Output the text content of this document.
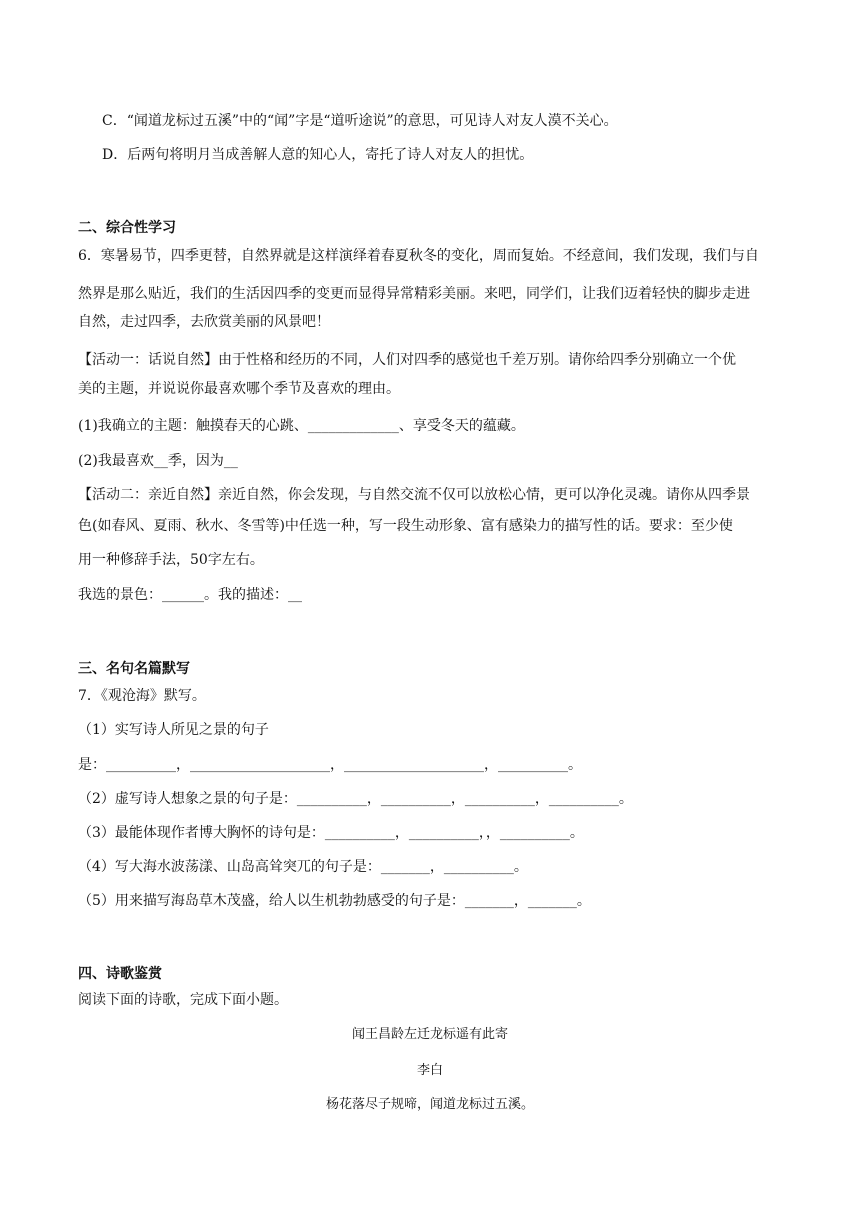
C．“闻道龙标过五溪”中的“闻”字是“道听途说”的意思，可见诗人对友人漠不关心。
D．后两句将明月当成善解人意的知心人，寄托了诗人对友人的担忧。
二、综合性学习
6．寒暑易节，四季更替，自然界就是这样演绎着春夏秋冬的变化，周而复始。不经意间，我们发现，我们与自
然界是那么贴近，我们的生活因四季的变更而显得异常精彩美丽。来吧，同学们，让我们迈着轻快的脚步走进
自然，走过四季，去欣赏美丽的风景吧！
【活动一：话说自然】由于性格和经历的不同，人们对四季的感觉也千差万别。请你给四季分别确立一个优
美的主题，并说说你最喜欢哪个季节及喜欢的理由。
(1)我确立的主题：触摸春天的心跳、_____________、享受冬天的蕴藏。
(2)我最喜欢__季，因为__
【活动二：亲近自然】亲近自然，你会发现，与自然交流不仅可以放松心情，更可以净化灵魂。请你从四季景
色(如春风、夏雨、秋水、冬雪等)中任选一种，写一段生动形象、富有感染力的描写性的话。要求：至少使
用一种修辞手法，50字左右。
我选的景色：______。我的描述：__
三、名句名篇默写
7．《观沧海》默写。
（1）实写诗人所见之景的句子
是：__________，____________________，____________________，__________。
（2）虚写诗人想象之景的句子是：__________，__________，__________，__________。
（3）最能体现作者博大胸怀的诗句是：__________，__________，，__________。
（4）写大海水波荡漾、山岛高耸突兀的句子是：_______，__________。
（5）用来描写海岛草木茂盛，给人以生机勃勃感受的句子是：_______，_______。
四、诗歌鉴赏
阅读下面的诗歌，完成下面小题。
闻王昌龄左迁龙标遥有此寄
李白
杨花落尽子规啼，闻道龙标过五溪。
